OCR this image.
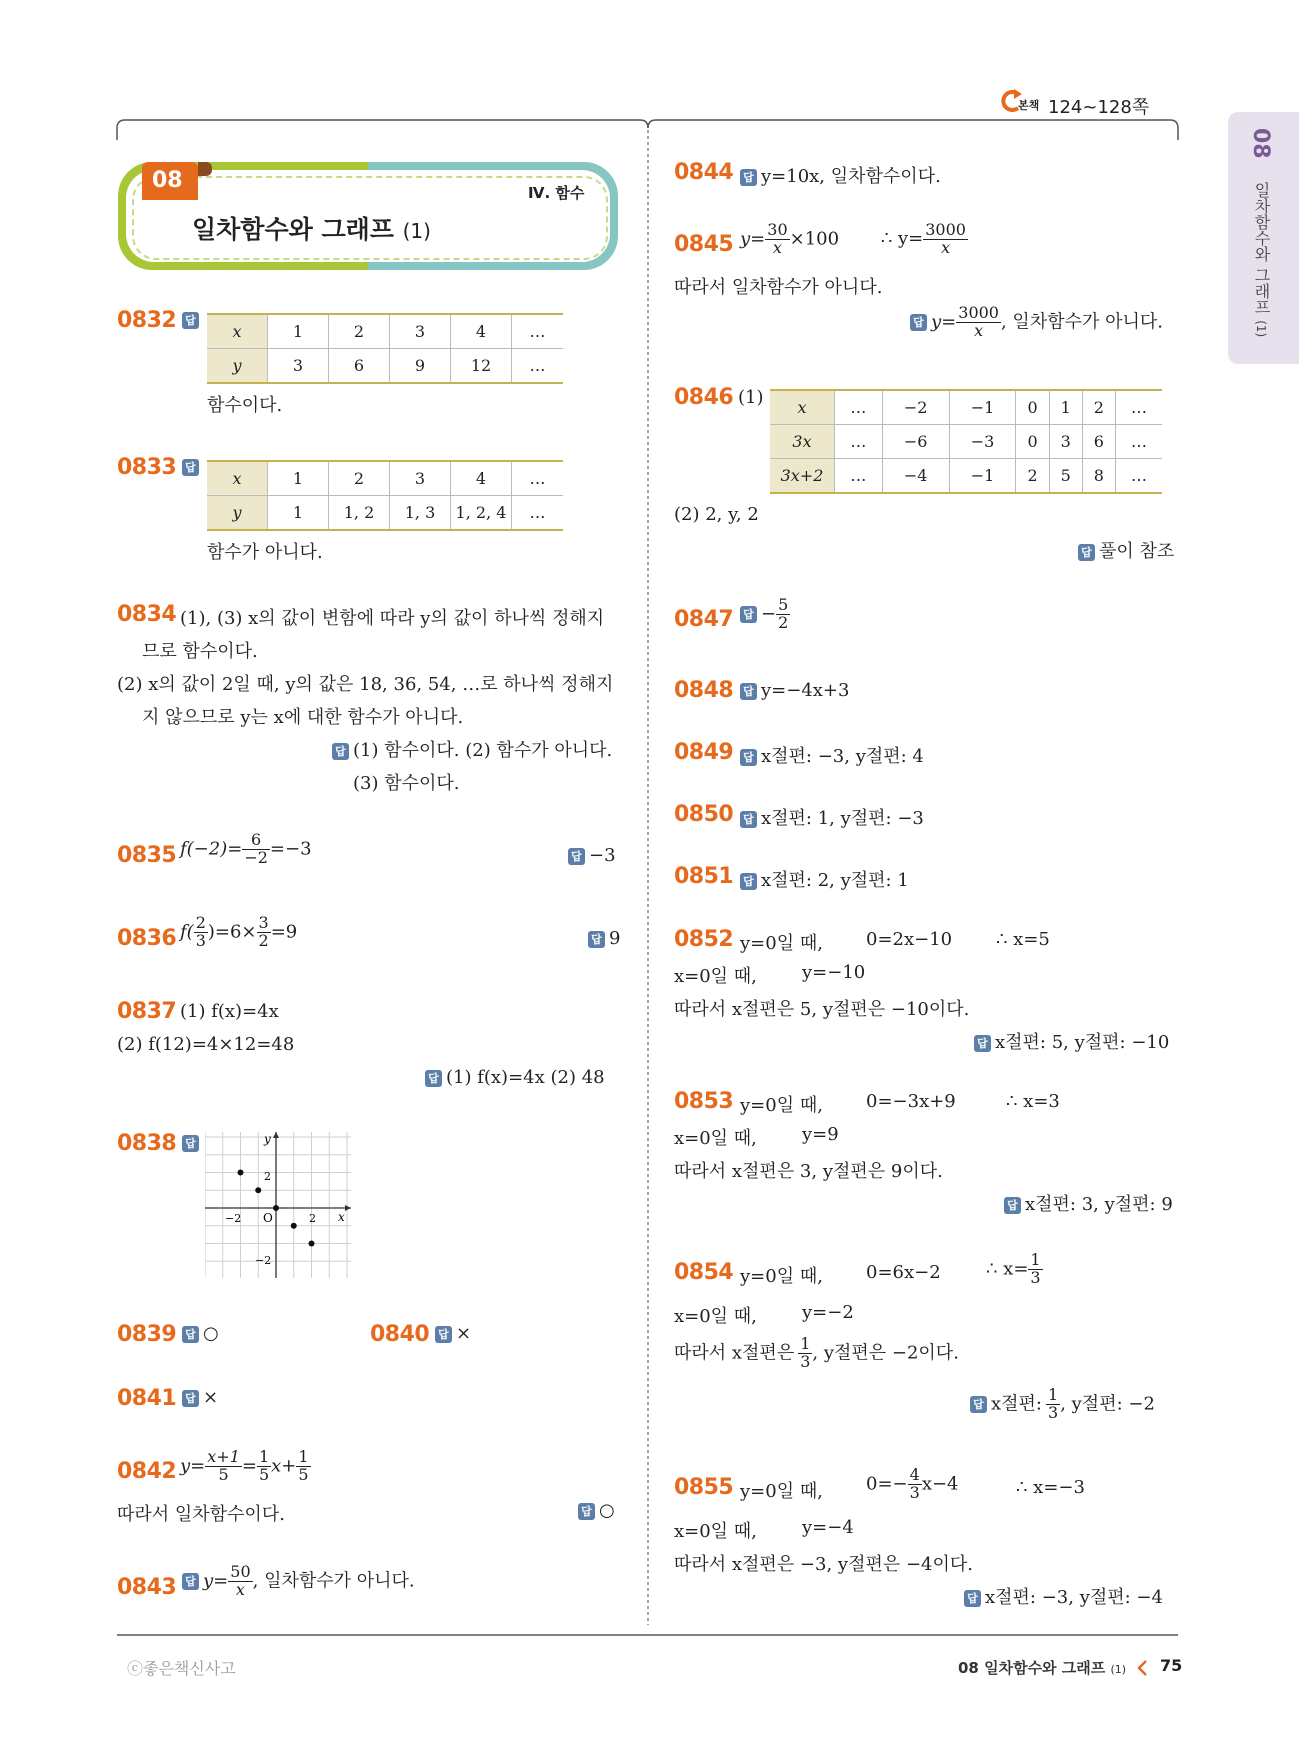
본책 124~128쪽
08
일차함수와 그래프 (1)
08
일차함수와 그래프 (1)
Ⅳ. 함수
0832 답
x	1	2	3	4	…
y	3	6	9	12	…
함수이다.
0833 답
x	1	2	3	4	…
y	1	1, 2	1, 3	1, 2, 4	…
함수가 아니다.
0834 (1), (3) x의 값이 변함에 따라 y의 값이 하나씩 정해지
므로 함수이다.
(2) x의 값이 2일 때, y의 값은 18, 36, 54, …로 하나씩 정해지
지 않으므로 y는 x에 대한 함수가 아니다.
답 (1) 함수이다. (2) 함수가 아니다.
(3) 함수이다.
0835 $f(-2)= \frac{6}{-2} =-3$	답 −3
0836 $f( \frac{2}{3} )=6\times \frac{3}{2} =9$	답 9
0837 (1) f(x)=4x
(2) f(12)=4×12=48
답 (1) f(x)=4x (2) 48
0838 답
x
y
O
−2	2
2
−2
0839 답 ○	0840 답 ×
0841 답 ×
0842 $y= \frac{x+1}{5} = \frac{1}{5} x+ \frac{1}{5}$
따라서 일차함수이다.	답 ○
0843 답 $y= \frac{50}{x}$ , 일차함수가 아니다.
0844 답 y=10x, 일차함수이다.
0845 $y= \frac{30}{x} \times 100$ ∴ $y= \frac{3000}{x}$
따라서 일차함수가 아니다.
답 $y= \frac{3000}{x}$ , 일차함수가 아니다.
0846 (1) x	…	−2	−1	0	1	2	…
3x	…	−6	−3	0	3	6	…
3x+2	…	−4	−1	2	5	8	…
(2) 2, y, 2
답 풀이 참조
0847 답 − $\frac{5}{2}$
0848 답 y=−4x+3
0849 답 x절편: −3, y절편: 4
0850 답 x절편: 1, y절편: −3
0851 답 x절편: 2, y절편: 1
0852 y=0일 때, 0=2x−10 ∴ x=5
x=0일 때,	y=−10
따라서 x절편은 5, y절편은 −10이다.
답 x절편: 5, y절편: −10
0853 y=0일 때, 0=−3x+9	∴ x=3
x=0일 때,	y=9
따라서 x절편은 3, y절편은 9이다.
답 x절편: 3, y절편: 9
0854 y=0일 때, 0=6x−2	∴ $x= \frac{1}{3}$
x=0일 때,	y=−2
따라서 x절편은 $\frac{1}{3}$ , y절편은 −2이다.
답 x절편: $\frac{1}{3}$ , y절편: −2
0855 y=0일 때, $0=- \frac{4}{3} x-4$	∴ x=−3
x=0일 때,	y=−4
따라서 x절편은 −3, y절편은 −4이다.
답 x절편: −3, y절편: −4
ⓒ좋은책신사고	08 일차함수와 그래프 (1) 75
